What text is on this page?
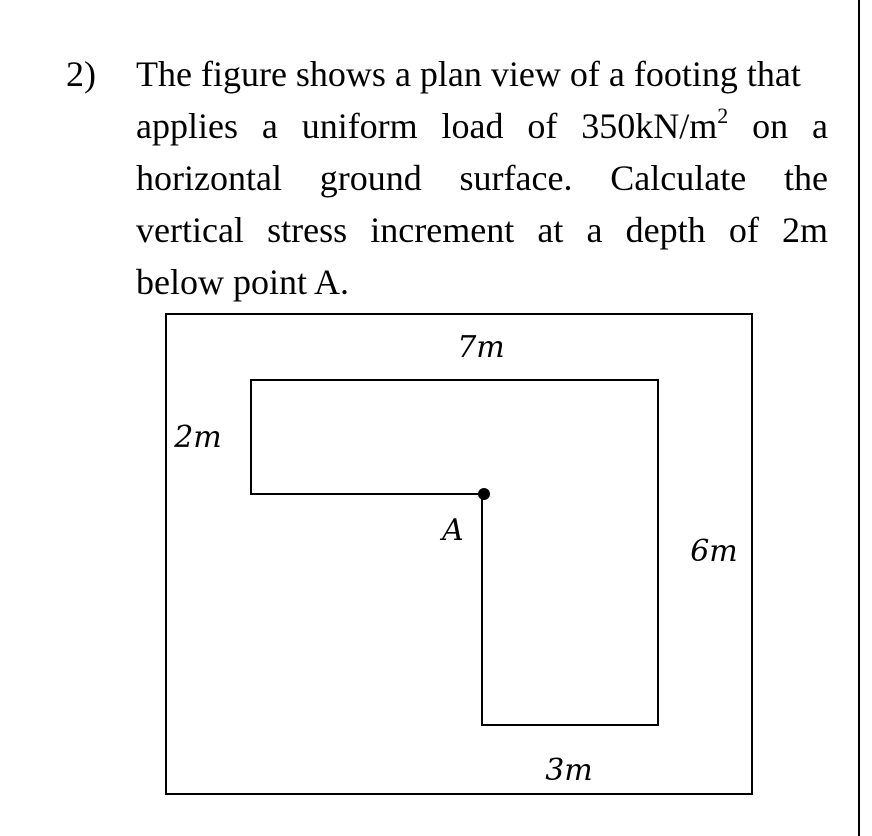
2) The figure shows a plan view of a footing that
applies a uniform load of $350kN/m^2$ on a
horizontal ground surface. Calculate the
vertical stress increment at a depth of 2m
below point A.
7m
2m
A
6m
3m
